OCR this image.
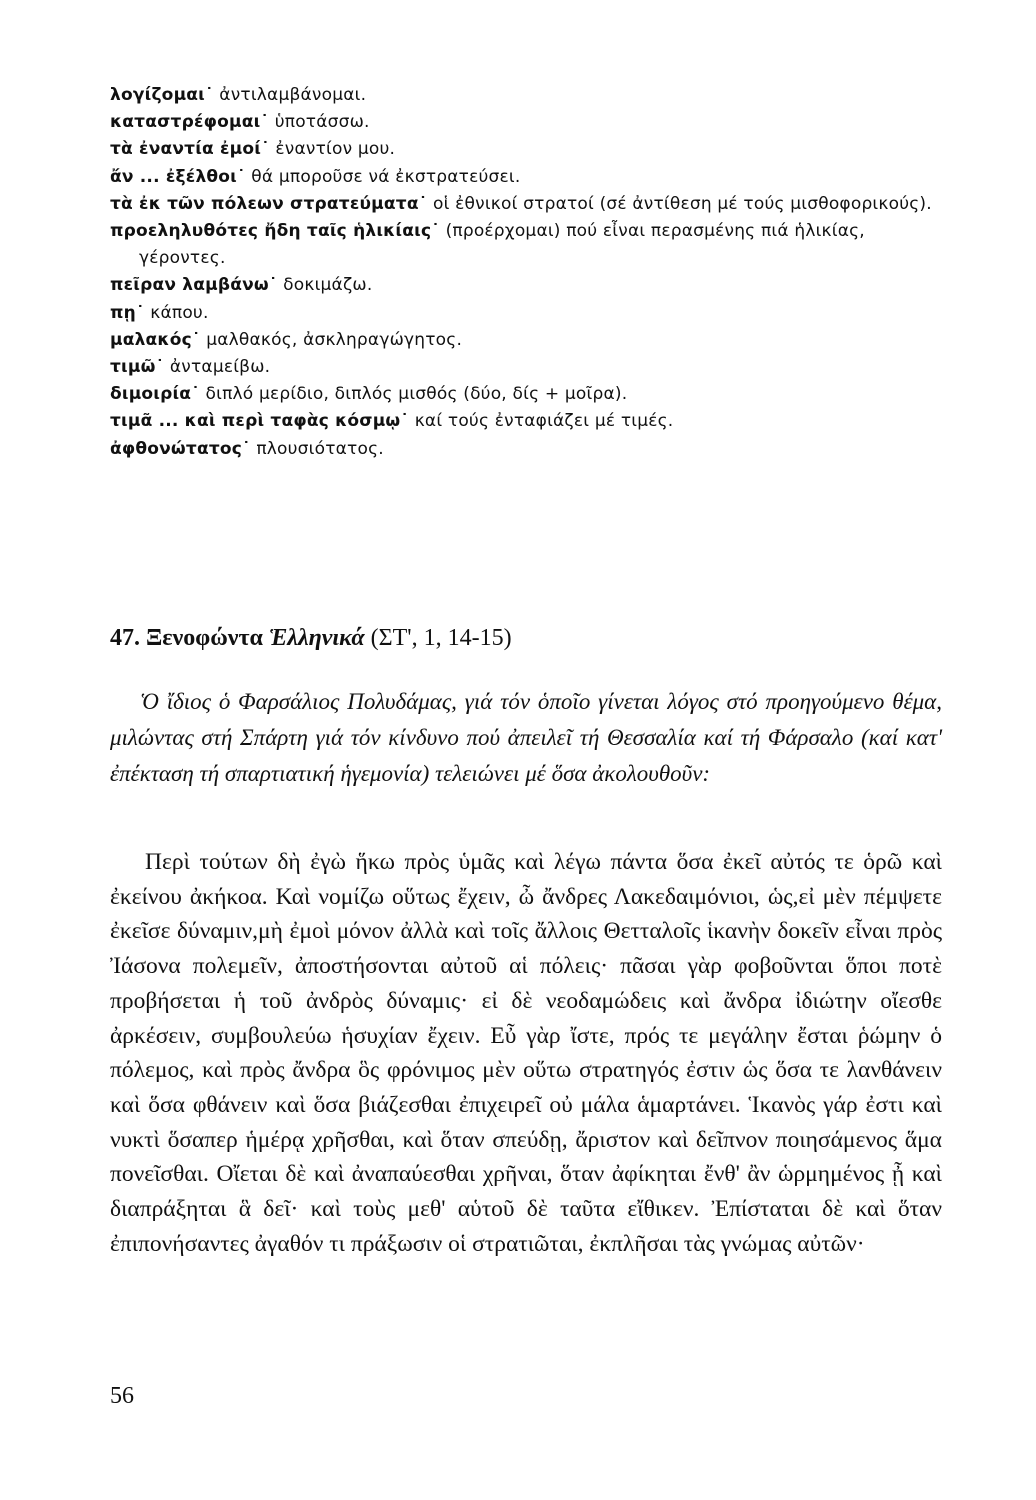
λογίζομαι˙ ἀντιλαμβάνομαι.

καταστρέφομαι˙ ὑποτάσσω.

τὰ ἐναντία ἐμοί˙ ἐναντίον μου.

ἄν ... ἐξέλθοι˙ θά μποροῦσε νά ἐκστρατεύσει.

τὰ ἐκ τῶν πόλεων στρατεύματα˙ οἱ ἐθνικοί στρατοί (σέ ἀντίθεση μέ τούς μισθοφορικούς).

προεληλυθότες ἤδη ταῖς ἡλικίαις˙ (προέρχομαι) πού εἶναι περασμένης πιά ἡλικίας, γέροντες.

πεῖραν λαμβάνω˙ δοκιμάζω.

πῃ˙ κάπου.

μαλακός˙ μαλθακός, ἀσκληραγώγητος.

τιμῶ˙ ἀνταμείβω.

διμοιρία˙ διπλό μερίδιο, διπλός μισθός (δύο, δίς + μοῖρα).

τιμᾶ ... καὶ περὶ ταφὰς κόσμῳ˙ καί τούς ἐνταφιάζει μέ τιμές.

ἀφθονώτατος˙ πλουσιότατος.

47. Ξενοφώντα Ἑλληνικά (ΣΤ', 1, 14-15)

Ὁ ἴδιος ὁ Φαρσάλιος Πολυδάμας, γιά τόν ὁποῖο γίνεται λόγος στό προηγούμενο θέμα, μιλώντας στή Σπάρτη γιά τόν κίνδυνο πού ἀπειλεῖ τή Θεσσαλία καί τή Φάρσαλο (καί κατ' ἐπέκταση τή σπαρτιατική ἡγεμονία) τελειώνει μέ ὅσα ἀκολουθοῦν:

Περὶ τούτων δὴ ἐγὼ ἥκω πρὸς ὑμᾶς καὶ λέγω πάντα ὅσα ἐκεῖ αὐτός τε ὁρῶ καὶ ἐκείνου ἀκήκοα. Καὶ νομίζω οὕτως ἔχειν, ὦ ἄνδρες Λακεδαιμόνιοι, ὡς,εἰ μὲν πέμψετε ἐκεῖσε δύναμιν,μὴ ἐμοὶ μόνον ἀλλὰ καὶ τοῖς ἄλλοις Θετταλοῖς ἱκανὴν δοκεῖν εἶναι πρὸς Ἰάσονα πολεμεῖν, ἀποστήσονται αὐτοῦ αἱ πόλεις· πᾶσαι γὰρ φοβοῦνται ὅποι ποτὲ προβήσεται ἡ τοῦ ἀνδρὸς δύναμις· εἰ δὲ νεοδαμώδεις καὶ ἄνδρα ἰδιώτην οἴεσθε ἀρκέσειν, συμβουλεύω ἡσυχίαν ἔχειν. Εὖ γὰρ ἴστε, πρός τε μεγάλην ἔσται ῥώμην ὁ πόλεμος, καὶ πρὸς ἄνδρα ὃς φρόνιμος μὲν οὕτω στρατηγός ἐστιν ὡς ὅσα τε λανθάνειν καὶ ὅσα φθάνειν καὶ ὅσα βιάζεσθαι ἐπιχειρεῖ οὐ μάλα ἁμαρτάνει. Ἱκανὸς γάρ ἐστι καὶ νυκτὶ ὅσαπερ ἡμέρᾳ χρῆσθαι, καὶ ὅταν σπεύδῃ, ἄριστον καὶ δεῖπνον ποιησάμενος ἅμα πονεῖσθαι. Οἴεται δὲ καὶ ἀναπαύεσθαι χρῆναι, ὅταν ἀφίκηται ἔνθ' ἂν ὡρμημένος ᾖ καὶ διαπράξηται ἃ δεῖ· καὶ τοὺς μεθ' αὑτοῦ δὲ ταῦτα εἴθικεν. Ἐπίσταται δὲ καὶ ὅταν ἐπιπονήσαντες ἀγαθόν τι πράξωσιν οἱ στρατιῶται, ἐκπλῆσαι τὰς γνώμας αὐτῶν·

56
